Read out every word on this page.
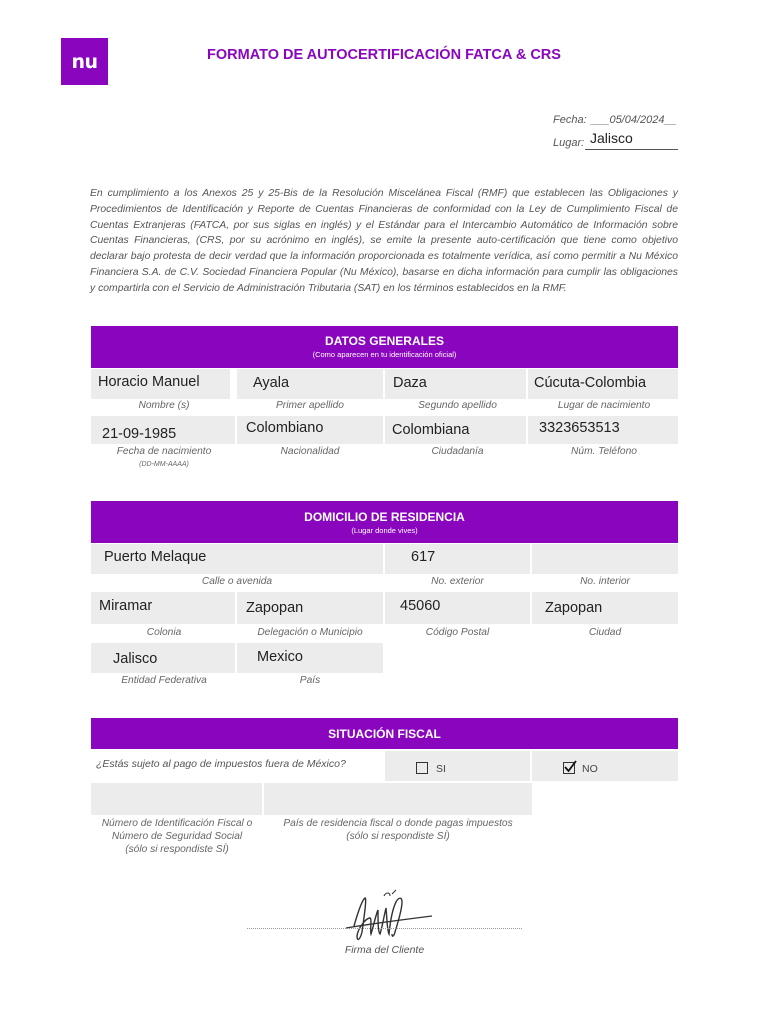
nu	FORMATO DE AUTOCERTIFICACIÓN FATCA & CRS
Fecha: ___05/04/2024__
Lugar: Jalisco
En cumplimiento a los Anexos 25 y 25-Bis de la Resolución Miscelánea Fiscal (RMF) que establecen las Obligaciones y Procedimientos de Identificación y Reporte de Cuentas Financieras de conformidad con la Ley de Cumplimiento Fiscal de Cuentas Extranjeras (FATCA, por sus siglas en inglés) y el Estándar para el Intercambio Automático de Información sobre Cuentas Financieras, (CRS, por su acrónimo en inglés), se emite la presente auto-certificación que tiene como objetivo declarar bajo protesta de decir verdad que la información proporcionada es totalmente verídica, así como permitir a Nu México Financiera S.A. de C.V. Sociedad Financiera Popular (Nu México), basarse en dicha información para cumplir las obligaciones y compartirla con el Servicio de Administración Tributaria (SAT) en los términos establecidos en la RMF.
DATOS GENERALES
(Como aparecen en tu identificación oficial)
Horacio Manuel	Ayala	Daza	Cúcuta-Colombia
Nombre (s)	Primer apellido	Segundo apellido	Lugar de nacimiento
21-09-1985	Colombiano	Colombiana	3323653513
Fecha de nacimiento
(DD-MM-AAAA)
Nacionalidad	Ciudadanía	Núm. Teléfono
DOMICILIO DE RESIDENCIA
(Lugar donde vives)
Puerto Melaque	617
Calle o avenida	No. exterior	No. interior
Miramar	Zapopan	45060	Zapopan
Colonia	Delegación o Municipio	Código Postal	Ciudad
Jalisco	Mexico
Entidad Federativa	País
SITUACIÓN FISCAL
¿Estás sujeto al pago de impuestos fuera de México?	SI	NO
Número de Identificación Fiscal o
Número de Seguridad Social
(sólo si respondiste SÍ)
País de residencia fiscal o donde pagas impuestos
(sólo si respondiste SÍ)
Firma del Cliente
